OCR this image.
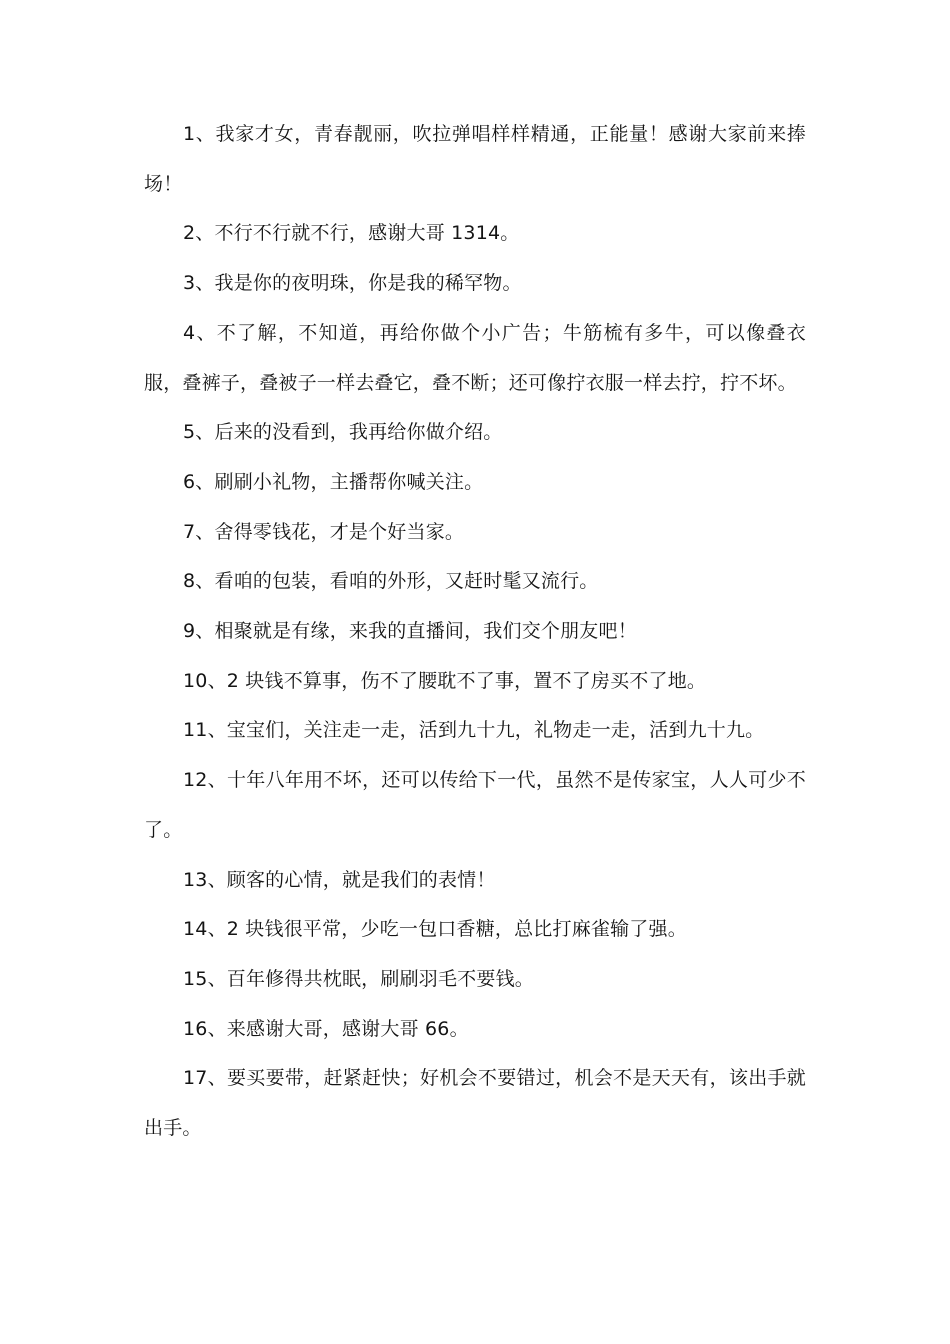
1、我家才女，青春靓丽，吹拉弹唱样样精通，正能量！感谢大家前来捧场！

2、不行不行就不行，感谢大哥 1314。

3、我是你的夜明珠，你是我的稀罕物。

4、不了解，不知道，再给你做个小广告；牛筋梳有多牛，可以像叠衣服，叠裤子，叠被子一样去叠它，叠不断；还可像拧衣服一样去拧，拧不坏。

5、后来的没看到，我再给你做介绍。

6、刷刷小礼物，主播帮你喊关注。

7、舍得零钱花，才是个好当家。

8、看咱的包装，看咱的外形，又赶时髦又流行。

9、相聚就是有缘，来我的直播间，我们交个朋友吧！

10、2 块钱不算事，伤不了腰耽不了事，置不了房买不了地。

11、宝宝们，关注走一走，活到九十九，礼物走一走，活到九十九。

12、十年八年用不坏，还可以传给下一代，虽然不是传家宝，人人可少不了。

13、顾客的心情，就是我们的表情！

14、2 块钱很平常，少吃一包口香糖，总比打麻雀输了强。

15、百年修得共枕眠，刷刷羽毛不要钱。

16、来感谢大哥，感谢大哥 66。

17、要买要带，赶紧赶快；好机会不要错过，机会不是天天有，该出手就出手。
